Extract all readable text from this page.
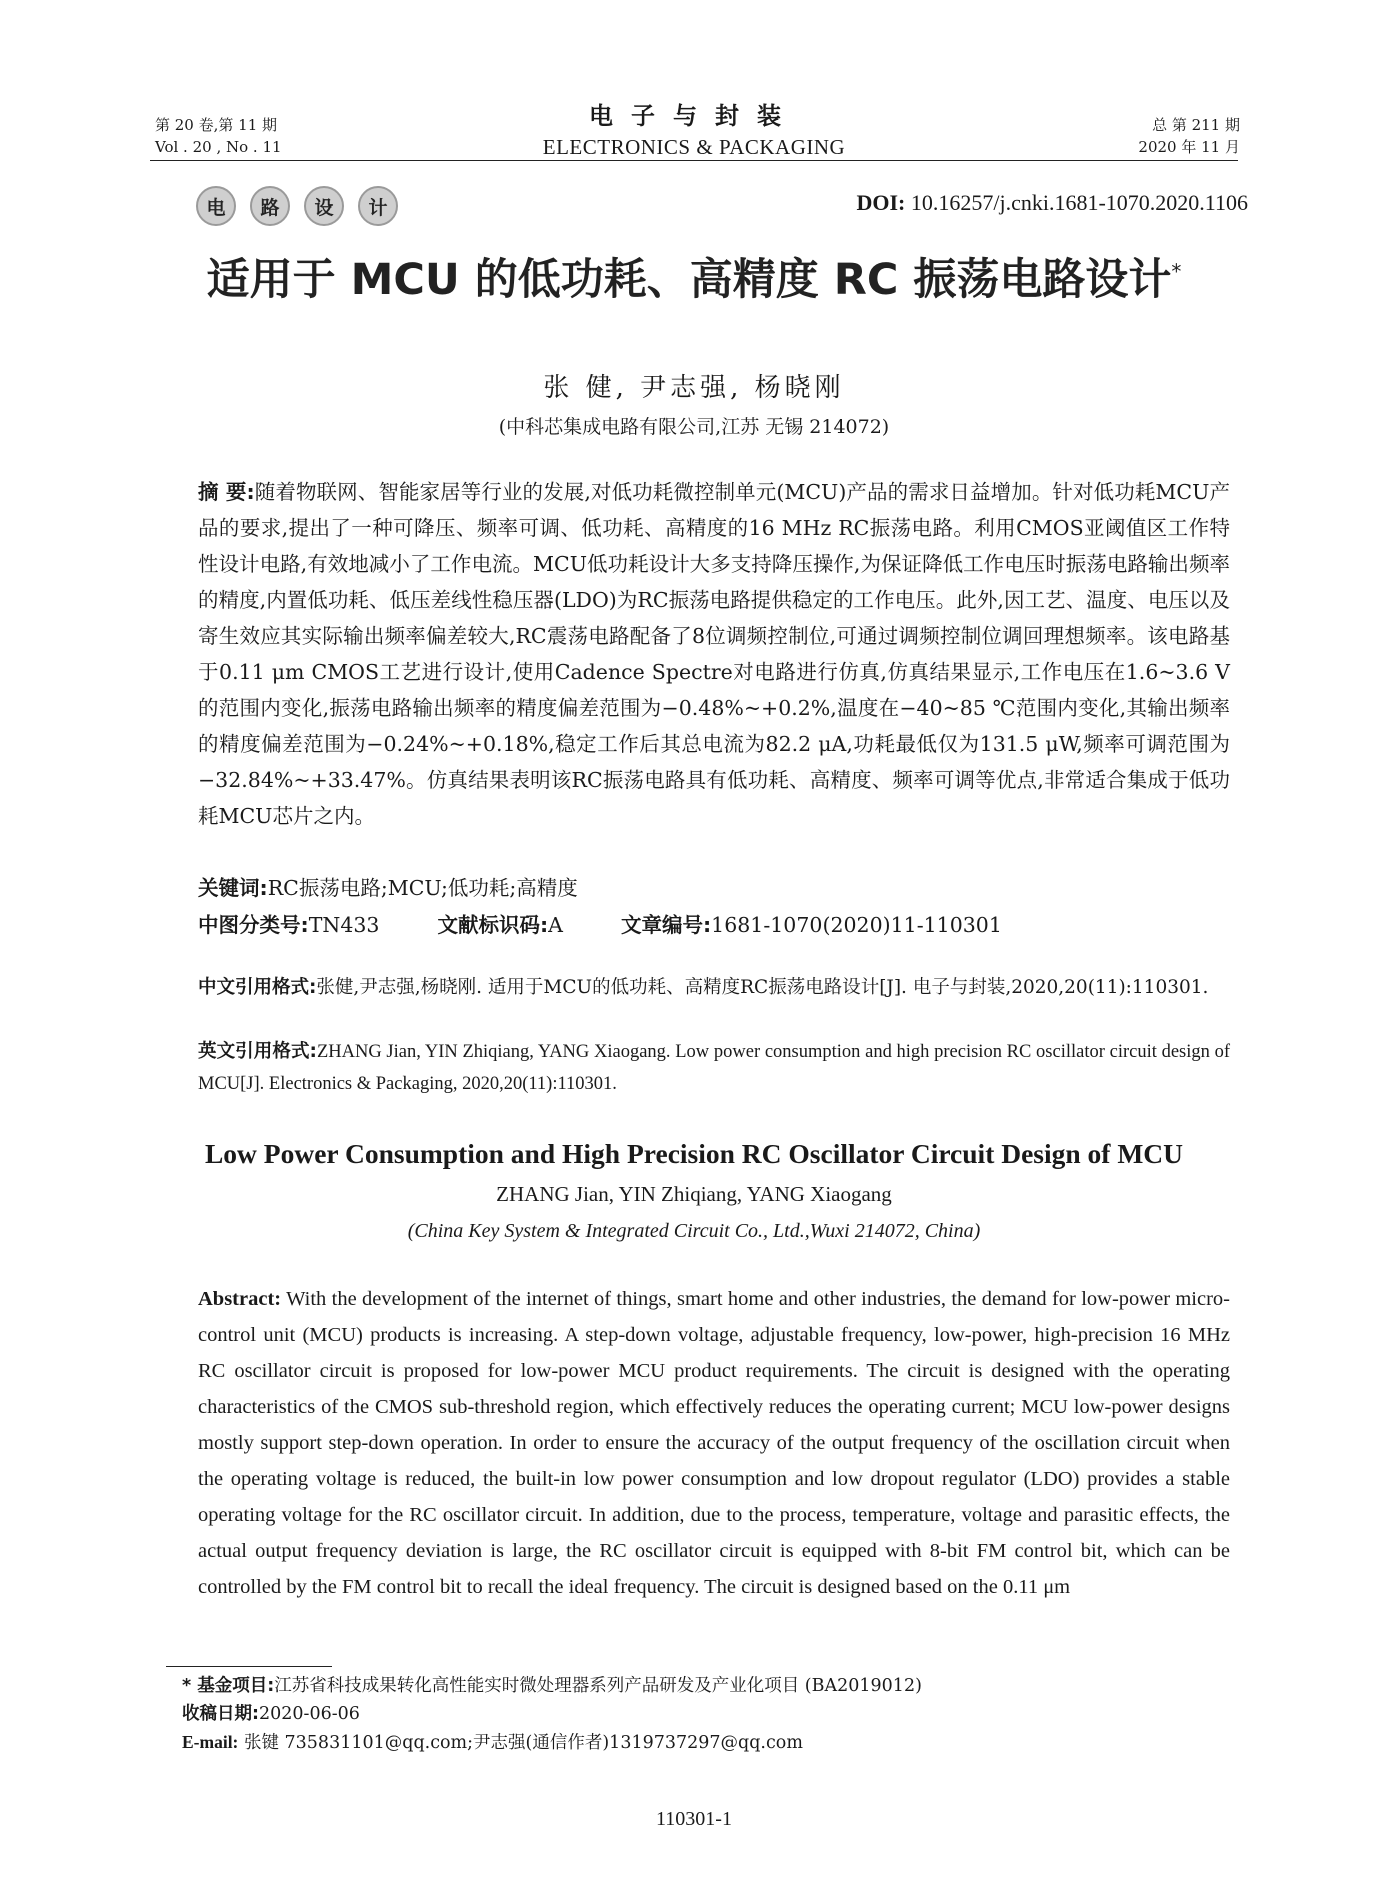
第 20 卷,第 11 期
Vol . 20 , No . 11
电子与封装
ELECTRONICS & PACKAGING
总 第 211 期
2020 年 11 月
电	路	设	计	DOI: 10.16257/j.cnki.1681-1070.2020.1106
适用于 MCU 的低功耗、高精度 RC 振荡电路设计*
张 健, 尹志强, 杨晓刚
(中科芯集成电路有限公司,江苏 无锡 214072)
摘 要:随着物联网、智能家居等行业的发展,对低功耗微控制单元(MCU)产品的需求日益增加。针对低功耗MCU产品的要求,提出了一种可降压、频率可调、低功耗、高精度的16 MHz RC振荡电路。利用CMOS亚阈值区工作特性设计电路,有效地减小了工作电流。MCU低功耗设计大多支持降压操作,为保证降低工作电压时振荡电路输出频率的精度,内置低功耗、低压差线性稳压器(LDO)为RC振荡电路提供稳定的工作电压。此外,因工艺、温度、电压以及寄生效应其实际输出频率偏差较大,RC震荡电路配备了8位调频控制位,可通过调频控制位调回理想频率。该电路基于0.11 μm CMOS工艺进行设计,使用Cadence Spectre对电路进行仿真,仿真结果显示,工作电压在1.6~3.6 V的范围内变化,振荡电路输出频率的精度偏差范围为−0.48%~+0.2%,温度在−40~85 ℃范围内变化,其输出频率的精度偏差范围为−0.24%~+0.18%,稳定工作后其总电流为82.2 μA,功耗最低仅为131.5 μW,频率可调范围为−32.84%~+33.47%。仿真结果表明该RC振荡电路具有低功耗、高精度、频率可调等优点,非常适合集成于低功耗MCU芯片之内。
关键词:RC振荡电路;MCU;低功耗;高精度
中图分类号:TN433	文献标识码:A	文章编号:1681-1070(2020)11-110301
中文引用格式:张健,尹志强,杨晓刚. 适用于MCU的低功耗、高精度RC振荡电路设计[J]. 电子与封装,2020,20(11):110301.
英文引用格式:ZHANG Jian, YIN Zhiqiang, YANG Xiaogang. Low power consumption and high precision RC oscillator circuit design of MCU[J]. Electronics & Packaging, 2020,20(11):110301.
Low Power Consumption and High Precision RC Oscillator Circuit Design of MCU
ZHANG Jian, YIN Zhiqiang, YANG Xiaogang
(China Key System & Integrated Circuit Co., Ltd.,Wuxi 214072, China)
Abstract: With the development of the internet of things, smart home and other industries, the demand for low-power micro-control unit (MCU) products is increasing. A step-down voltage, adjustable frequency, low-power, high-precision 16 MHz RC oscillator circuit is proposed for low-power MCU product requirements. The circuit is designed with the operating characteristics of the CMOS sub-threshold region, which effectively reduces the operating current; MCU low-power designs mostly support step-down operation. In order to ensure the accuracy of the output frequency of the oscillation circuit when the operating voltage is reduced, the built-in low power consumption and low dropout regulator (LDO) provides a stable operating voltage for the RC oscillator circuit. In addition, due to the process, temperature, voltage and parasitic effects, the actual output frequency deviation is large, the RC oscillator circuit is equipped with 8-bit FM control bit, which can be controlled by the FM control bit to recall the ideal frequency. The circuit is designed based on the 0.11 μm
* 基金项目:江苏省科技成果转化高性能实时微处理器系列产品研发及产业化项目 (BA2019012)
收稿日期:2020-06-06
E-mail: 张键 735831101@qq.com;尹志强(通信作者)1319737297@qq.com
110301-1
